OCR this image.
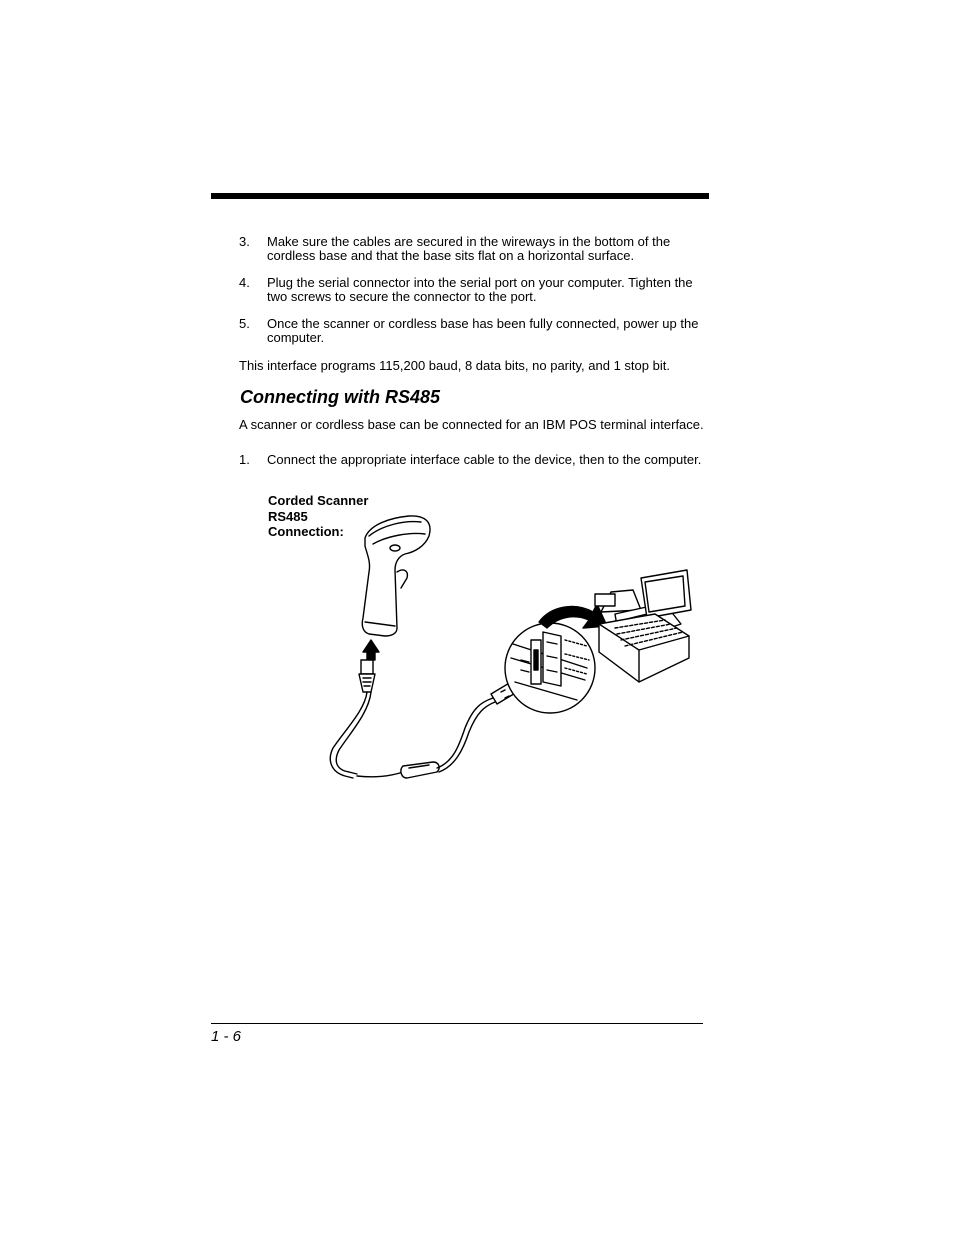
3. Make sure the cables are secured in the wireways in the bottom of the cordless base and that the base sits flat on a horizontal surface.
4. Plug the serial connector into the serial port on your computer. Tighten the two screws to secure the connector to the port.
5. Once the scanner or cordless base has been fully connected, power up the computer.
This interface programs 115,200 baud, 8 data bits, no parity, and 1 stop bit.
Connecting with RS485
A scanner or cordless base can be connected for an IBM POS terminal interface.
1. Connect the appropriate interface cable to the device, then to the computer.
Corded Scanner
RS485
Connection:
1 - 6
